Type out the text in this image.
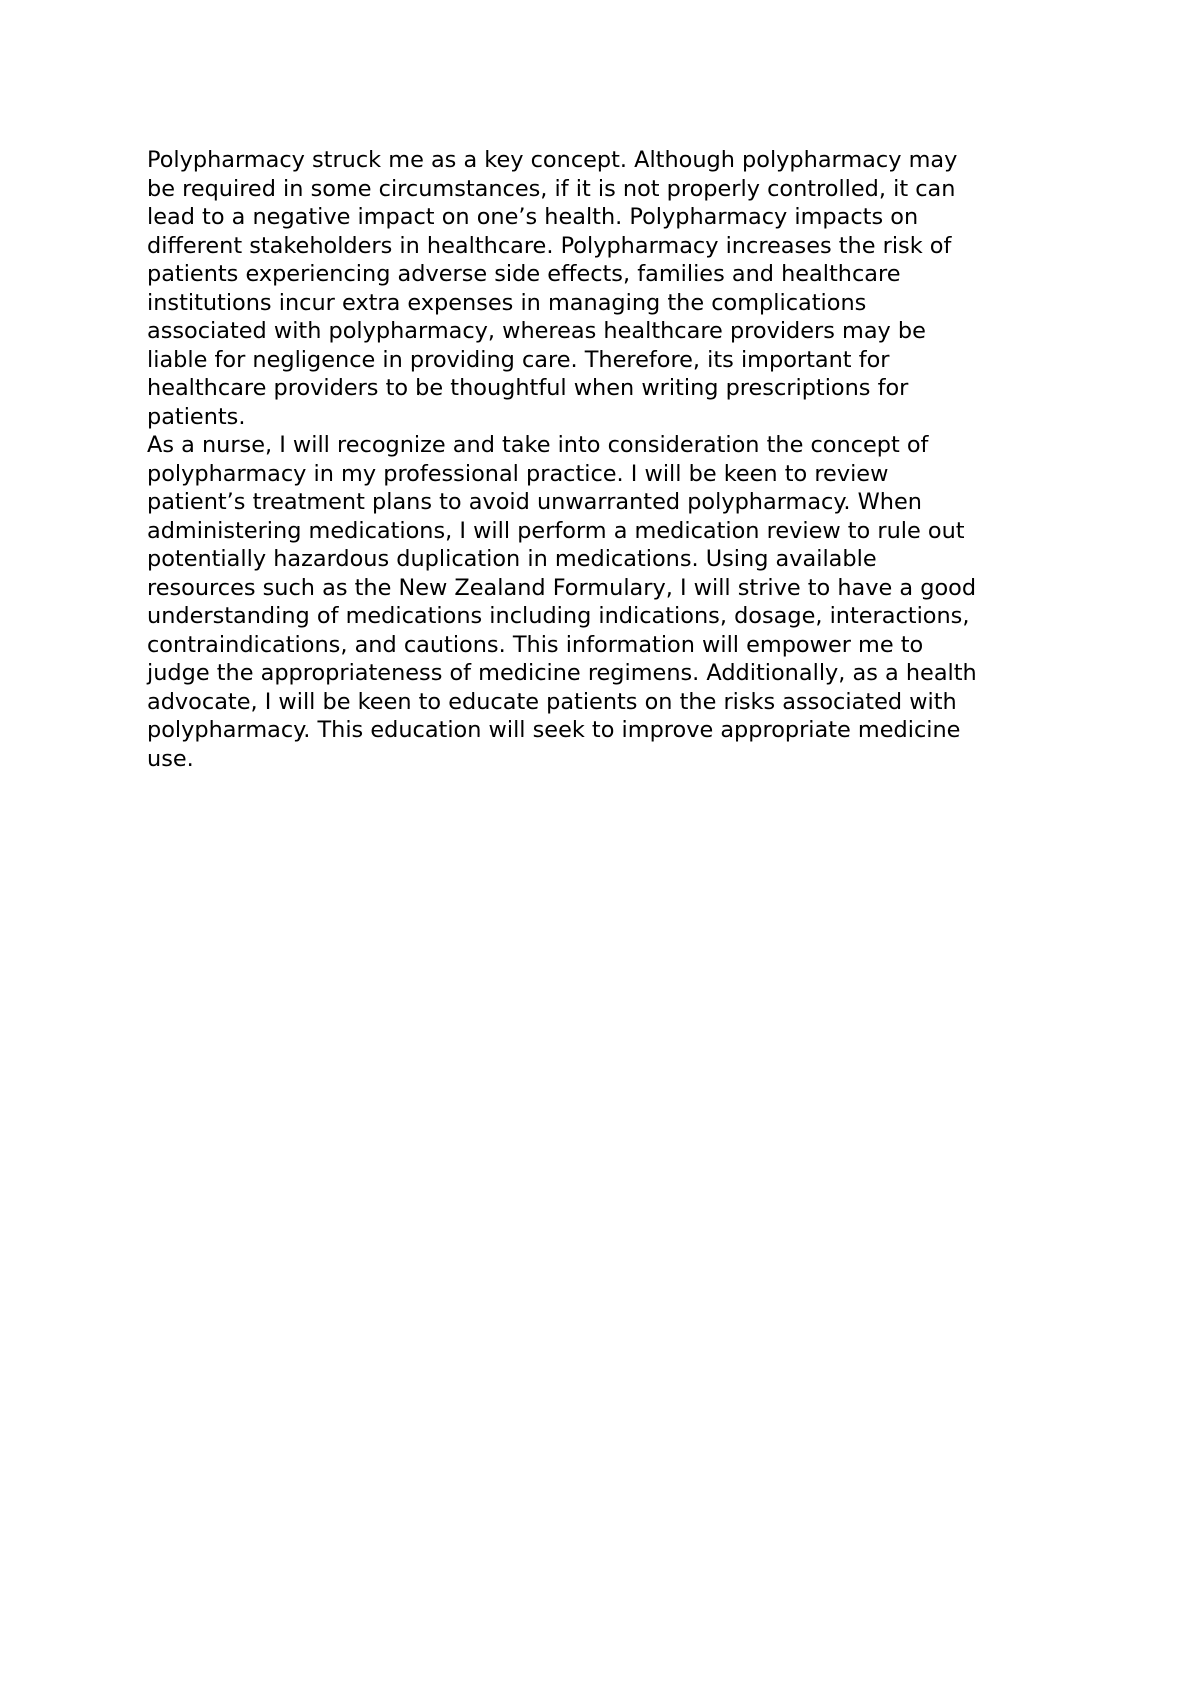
Polypharmacy struck me as a key concept. Although polypharmacy may
be required in some circumstances, if it is not properly controlled, it can
lead to a negative impact on one’s health. Polypharmacy impacts on
different stakeholders in healthcare. Polypharmacy increases the risk of
patients experiencing adverse side effects, families and healthcare
institutions incur extra expenses in managing the complications
associated with polypharmacy, whereas healthcare providers may be
liable for negligence in providing care. Therefore, its important for
healthcare providers to be thoughtful when writing prescriptions for
patients.

As a nurse, I will recognize and take into consideration the concept of
polypharmacy in my professional practice. I will be keen to review
patient’s treatment plans to avoid unwarranted polypharmacy. When
administering medications, I will perform a medication review to rule out
potentially hazardous duplication in medications. Using available
resources such as the New Zealand Formulary, I will strive to have a good
understanding of medications including indications, dosage, interactions,
contraindications, and cautions. This information will empower me to
judge the appropriateness of medicine regimens. Additionally, as a health
advocate, I will be keen to educate patients on the risks associated with
polypharmacy. This education will seek to improve appropriate medicine
use.
